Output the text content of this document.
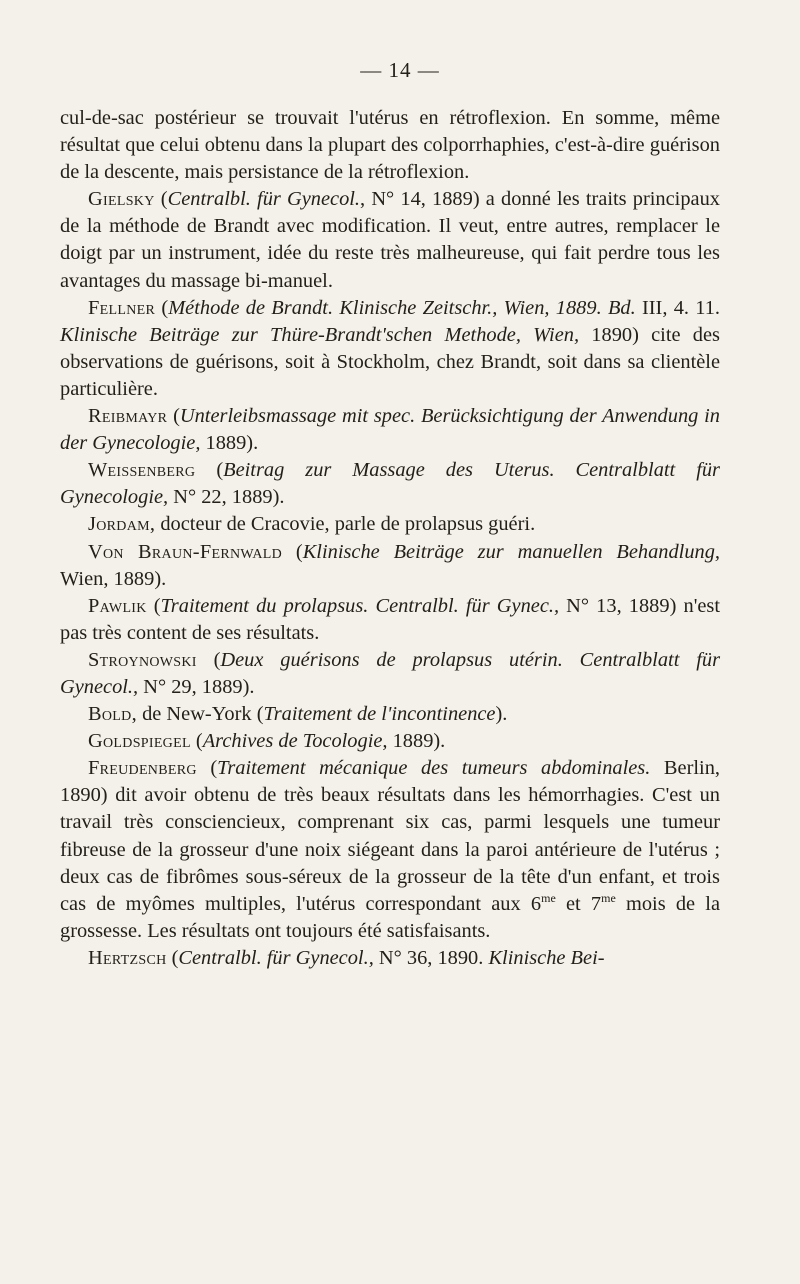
— 14 —

cul-de-sac postérieur se trouvait l'utérus en rétroflexion. En somme, même résultat que celui obtenu dans la plupart des colporrhaphies, c'est-à-dire guérison de la descente, mais persistance de la rétroflexion.

Gielsky (Centralbl. für Gynecol., N° 14, 1889) a donné les traits principaux de la méthode de Brandt avec modification. Il veut, entre autres, remplacer le doigt par un instrument, idée du reste très malheureuse, qui fait perdre tous les avantages du massage bi-manuel.

Fellner (Méthode de Brandt. Klinische Zeitschr., Wien, 1889. Bd. III, 4. 11. Klinische Beiträge zur Thüre-Brandt'schen Methode, Wien, 1890) cite des observations de guérisons, soit à Stockholm, chez Brandt, soit dans sa clientèle particulière.

Reibmayr (Unterleibsmassage mit spec. Berücksichtigung der Anwendung in der Gynecologie, 1889).

Weissenberg (Beitrag zur Massage des Uterus. Centralblatt für Gynecologie, N° 22, 1889).

Jordam, docteur de Cracovie, parle de prolapsus guéri.

Von Braun-Fernwald (Klinische Beiträge zur manuellen Behandlung, Wien, 1889).

Pawlik (Traitement du prolapsus. Centralbl. für Gynec., N° 13, 1889) n'est pas très content de ses résultats.

Stroynowski (Deux guérisons de prolapsus utérin. Centralblatt für Gynecol., N° 29, 1889).

Bold, de New-York (Traitement de l'incontinence).

Goldspiegel (Archives de Tocologie, 1889).

Freudenberg (Traitement mécanique des tumeurs abdominales. Berlin, 1890) dit avoir obtenu de très beaux résultats dans les hémorrhagies. C'est un travail très consciencieux, comprenant six cas, parmi lesquels une tumeur fibreuse de la grosseur d'une noix siégeant dans la paroi antérieure de l'utérus ; deux cas de fibrômes sous-séreux de la grosseur de la tête d'un enfant, et trois cas de myômes multiples, l'utérus correspondant aux $6^{me}$ et $7^{me}$ mois de la grossesse. Les résultats ont toujours été satisfaisants.

Hertzsch (Centralbl. für Gynecol., N° 36, 1890. Klinische Bei-
